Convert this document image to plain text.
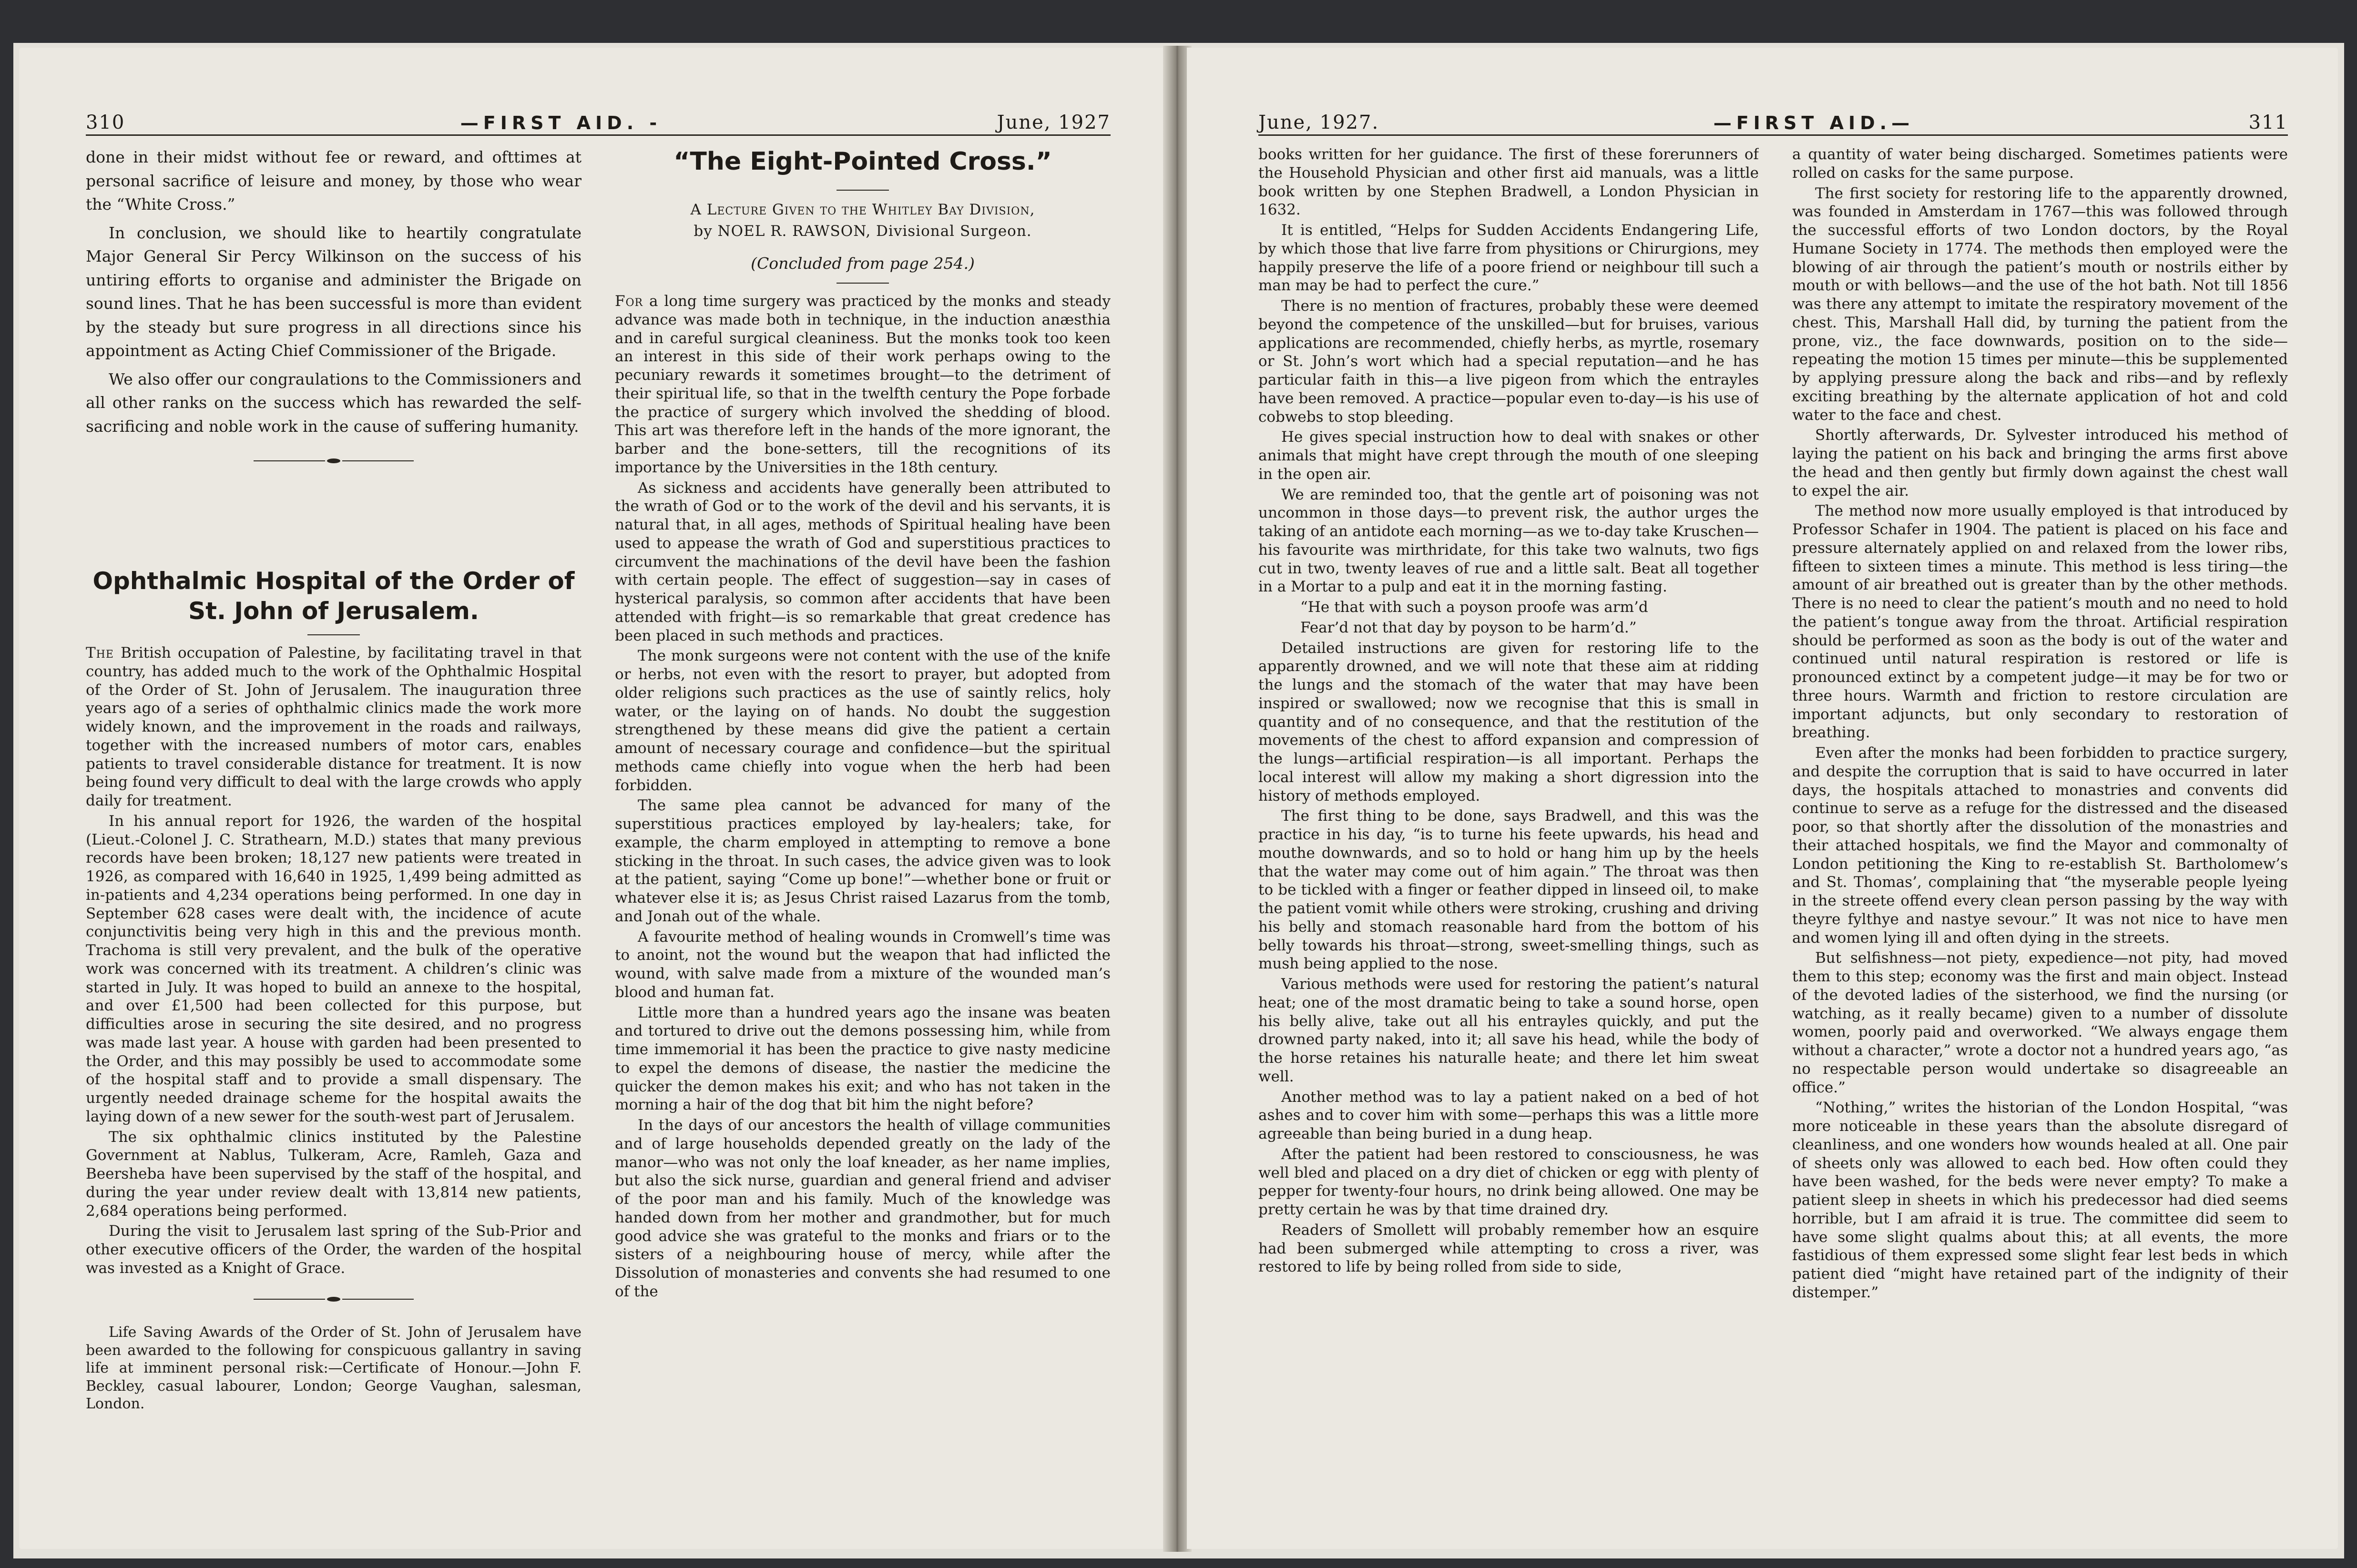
310	—FIRST AID. -	June, 1927

done in their midst without fee or reward, and ofttimes at personal sacrifice of leisure and money, by those who wear the “White Cross.”

In conclusion, we should like to heartily congratulate Major General Sir Percy Wilkinson on the success of his untiring efforts to organise and administer the Brigade on sound lines. That he has been successful is more than evident by the steady but sure progress in all directions since his appointment as Acting Chief Commissioner of the Brigade.

We also offer our congraulations to the Commissioners and all other ranks on the success which has rewarded the self-sacrificing and noble work in the cause of suffering humanity.

Ophthalmic Hospital of the Order of St. John of Jerusalem.

The British occupation of Palestine, by facilitating travel in that country, has added much to the work of the Ophthalmic Hospital of the Order of St. John of Jerusalem. The inauguration three years ago of a series of ophthalmic clinics made the work more widely known, and the improvement in the roads and railways, together with the increased numbers of motor cars, enables patients to travel considerable distance for treatment. It is now being found very difficult to deal with the large crowds who apply daily for treatment.

In his annual report for 1926, the warden of the hospital (Lieut.-Colonel J. C. Strathearn, M.D.) states that many previous records have been broken; 18,127 new patients were treated in 1926, as compared with 16,640 in 1925, 1,499 being admitted as in-patients and 4,234 operations being performed. In one day in September 628 cases were dealt with, the incidence of acute conjunctivitis being very high in this and the previous month. Trachoma is still very prevalent, and the bulk of the operative work was concerned with its treatment. A children’s clinic was started in July. It was hoped to build an annexe to the hospital, and over £1,500 had been collected for this purpose, but difficulties arose in securing the site desired, and no progress was made last year. A house with garden had been presented to the Order, and this may possibly be used to accommodate some of the hospital staff and to provide a small dispensary. The urgently needed drainage scheme for the hospital awaits the laying down of a new sewer for the south-west part of Jerusalem.

The six ophthalmic clinics instituted by the Palestine Government at Nablus, Tulkeram, Acre, Ramleh, Gaza and Beersheba have been supervised by the staff of the hospital, and during the year under review dealt with 13,814 new patients, 2,684 operations being performed.

During the visit to Jerusalem last spring of the Sub-Prior and other executive officers of the Order, the warden of the hospital was invested as a Knight of Grace.

Life Saving Awards of the Order of St. John of Jerusalem have been awarded to the following for conspicuous gallantry in saving life at imminent personal risk:—Certificate of Honour.—John F. Beckley, casual labourer, London; George Vaughan, salesman, London.

“The Eight-Pointed Cross.”
A Lecture Given to the Whitley Bay Division,
by NOEL R. RAWSON, Divisional Surgeon.
(Concluded from page 254.)

For a long time surgery was practiced by the monks and steady advance was made both in technique, in the induction anæsthia and in careful surgical cleaniness. But the monks took too keen an interest in this side of their work perhaps owing to the pecuniary rewards it sometimes brought—to the detriment of their spiritual life, so that in the twelfth century the Pope forbade the practice of surgery which involved the shedding of blood. This art was therefore left in the hands of the more ignorant, the barber and the bone-setters, till the recognitions of its importance by the Universities in the 18th century.

As sickness and accidents have generally been attributed to the wrath of God or to the work of the devil and his servants, it is natural that, in all ages, methods of Spiritual healing have been used to appease the wrath of God and superstitious practices to circumvent the machinations of the devil have been the fashion with certain people. The effect of suggestion—say in cases of hysterical paralysis, so common after accidents that have been attended with fright—is so remarkable that great credence has been placed in such methods and practices.

The monk surgeons were not content with the use of the knife or herbs, not even with the resort to prayer, but adopted from older religions such practices as the use of saintly relics, holy water, or the laying on of hands. No doubt the suggestion strengthened by these means did give the patient a certain amount of necessary courage and confidence—but the spiritual methods came chiefly into vogue when the herb had been forbidden.

The same plea cannot be advanced for many of the superstitious practices employed by lay-healers; take, for example, the charm employed in attempting to remove a bone sticking in the throat. In such cases, the advice given was to look at the patient, saying “Come up bone!”—whether bone or fruit or whatever else it is; as Jesus Christ raised Lazarus from the tomb, and Jonah out of the whale.

A favourite method of healing wounds in Cromwell’s time was to anoint, not the wound but the weapon that had inflicted the wound, with salve made from a mixture of the wounded man’s blood and human fat.

Little more than a hundred years ago the insane was beaten and tortured to drive out the demons possessing him, while from time immemorial it has been the practice to give nasty medicine to expel the demons of disease, the nastier the medicine the quicker the demon makes his exit; and who has not taken in the morning a hair of the dog that bit him the night before?

In the days of our ancestors the health of village communities and of large households depended greatly on the lady of the manor—who was not only the loaf kneader, as her name implies, but also the sick nurse, guardian and general friend and adviser of the poor man and his family. Much of the knowledge was handed down from her mother and grandmother, but for much good advice she was grateful to the monks and friars or to the sisters of a neighbouring house of mercy, while after the Dissolution of monasteries and convents she had resumed to one of the

June, 1927.	—FIRST AID.—	311

books written for her guidance. The first of these forerunners of the Household Physician and other first aid manuals, was a little book written by one Stephen Bradwell, a London Physician in 1632.

It is entitled, “Helps for Sudden Accidents Endangering Life, by which those that live farre from physitions or Chirurgions, mey happily preserve the life of a poore friend or neighbour till such a man may be had to perfect the cure.”

There is no mention of fractures, probably these were deemed beyond the competence of the unskilled—but for bruises, various applications are recommended, chiefly herbs, as myrtle, rosemary or St. John’s wort which had a special reputation—and he has particular faith in this—a live pigeon from which the entrayles have been removed. A practice—popular even to-day—is his use of cobwebs to stop bleeding.

He gives special instruction how to deal with snakes or other animals that might have crept through the mouth of one sleeping in the open air.

We are reminded too, that the gentle art of poisoning was not uncommon in those days—to prevent risk, the author urges the taking of an antidote each morning—as we to-day take Kruschen—his favourite was mirthridate, for this take two walnuts, two figs cut in two, twenty leaves of rue and a little salt. Beat all together in a Mortar to a pulp and eat it in the morning fasting.

“He that with such a poyson proofe was arm’d

Fear’d not that day by poyson to be harm’d.”

Detailed instructions are given for restoring life to the apparently drowned, and we will note that these aim at ridding the lungs and the stomach of the water that may have been inspired or swallowed; now we recognise that this is small in quantity and of no consequence, and that the restitution of the movements of the chest to afford expansion and compression of the lungs—artificial respiration—is all important. Perhaps the local interest will allow my making a short digression into the history of methods employed.

The first thing to be done, says Bradwell, and this was the practice in his day, “is to turne his feete upwards, his head and mouthe downwards, and so to hold or hang him up by the heels that the water may come out of him again.” The throat was then to be tickled with a finger or feather dipped in linseed oil, to make the patient vomit while others were stroking, crushing and driving his belly and stomach reasonable hard from the bottom of his belly towards his throat—strong, sweet-smelling things, such as mush being applied to the nose.

Various methods were used for restoring the patient’s natural heat; one of the most dramatic being to take a sound horse, open his belly alive, take out all his entrayles quickly, and put the drowned party naked, into it; all save his head, while the body of the horse retaines his naturalle heate; and there let him sweat well.

Another method was to lay a patient naked on a bed of hot ashes and to cover him with some—perhaps this was a little more agreeable than being buried in a dung heap.

After the patient had been restored to consciousness, he was well bled and placed on a dry diet of chicken or egg with plenty of pepper for twenty-four hours, no drink being allowed. One may be pretty certain he was by that time drained dry.

Readers of Smollett will probably remember how an esquire had been submerged while attempting to cross a river, was restored to life by being rolled from side to side,

a quantity of water being discharged. Sometimes patients were rolled on casks for the same purpose.

The first society for restoring life to the apparently drowned, was founded in Amsterdam in 1767—this was followed through the successful efforts of two London doctors, by the Royal Humane Society in 1774. The methods then employed were the blowing of air through the patient’s mouth or nostrils either by mouth or with bellows—and the use of the hot bath. Not till 1856 was there any attempt to imitate the respiratory movement of the chest. This, Marshall Hall did, by turning the patient from the prone, viz., the face downwards, position on to the side—repeating the motion 15 times per minute—this be supplemented by applying pressure along the back and ribs—and by reflexly exciting breathing by the alternate application of hot and cold water to the face and chest.

Shortly afterwards, Dr. Sylvester introduced his method of laying the patient on his back and bringing the arms first above the head and then gently but firmly down against the chest wall to expel the air.

The method now more usually employed is that introduced by Professor Schafer in 1904. The patient is placed on his face and pressure alternately applied on and relaxed from the lower ribs, fifteen to sixteen times a minute. This method is less tiring—the amount of air breathed out is greater than by the other methods. There is no need to clear the patient’s mouth and no need to hold the patient’s tongue away from the throat. Artificial respiration should be performed as soon as the body is out of the water and continued until natural respiration is restored or life is pronounced extinct by a competent judge—it may be for two or three hours. Warmth and friction to restore circulation are important adjuncts, but only secondary to restoration of breathing.

Even after the monks had been forbidden to practice surgery, and despite the corruption that is said to have occurred in later days, the hospitals attached to monastries and convents did continue to serve as a refuge for the distressed and the diseased poor, so that shortly after the dissolution of the monastries and their attached hospitals, we find the Mayor and commonalty of London petitioning the King to re-establish St. Bartholomew’s and St. Thomas’, complaining that “the myserable people lyeing in the streete offend every clean person passing by the way with theyre fylthye and nastye sevour.” It was not nice to have men and women lying ill and often dying in the streets.

But selfishness—not piety, expedience—not pity, had moved them to this step; economy was the first and main object. Instead of the devoted ladies of the sisterhood, we find the nursing (or watching, as it really became) given to a number of dissolute women, poorly paid and overworked. “We always engage them without a character,” wrote a doctor not a hundred years ago, “as no respectable person would undertake so disagreeable an office.”

“Nothing,” writes the historian of the London Hospital, “was more noticeable in these years than the absolute disregard of cleanliness, and one wonders how wounds healed at all. One pair of sheets only was allowed to each bed. How often could they have been washed, for the beds were never empty? To make a patient sleep in sheets in which his predecessor had died seems horrible, but I am afraid it is true. The committee did seem to have some slight qualms about this; at all events, the more fastidious of them expressed some slight fear lest beds in which patient died “might have retained part of the indignity of their distemper.”
